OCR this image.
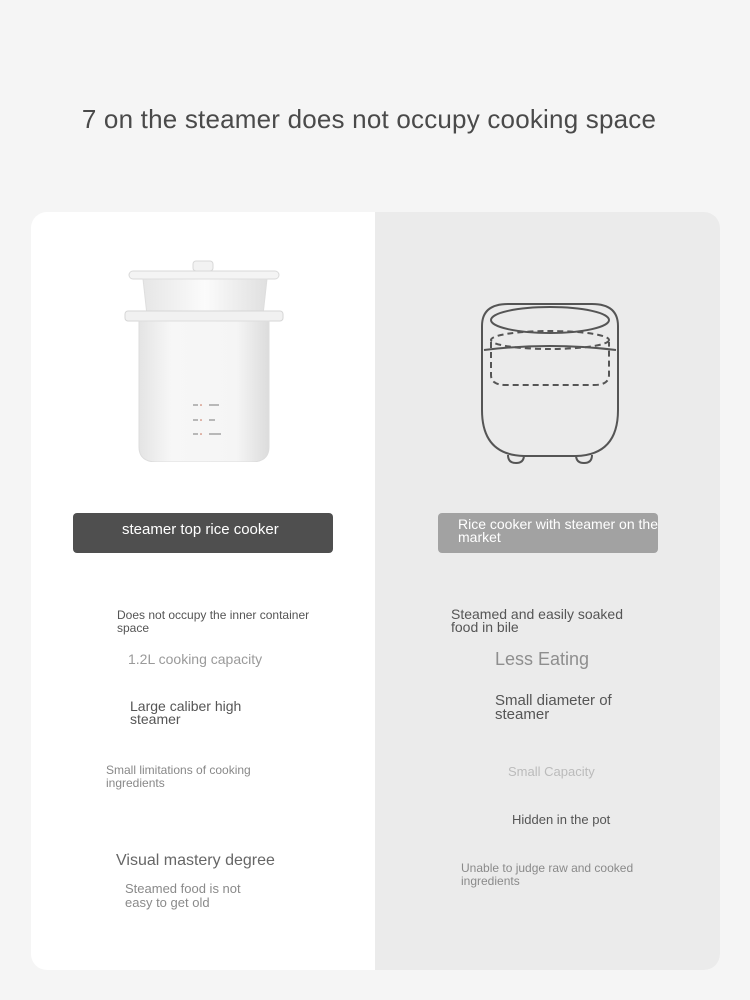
7 on the steamer does not occupy cooking space
steamer top rice cooker	Rice cooker with steamer on the market
Does not occupy the inner container space
1.2L cooking capacity
Large caliber high steamer
Small limitations of cooking ingredients
Visual mastery degree
Steamed food is not easy to get old
Steamed and easily soaked food in bile
Less Eating
Small diameter of steamer
Small Capacity
Hidden in the pot
Unable to judge raw and cooked ingredients
